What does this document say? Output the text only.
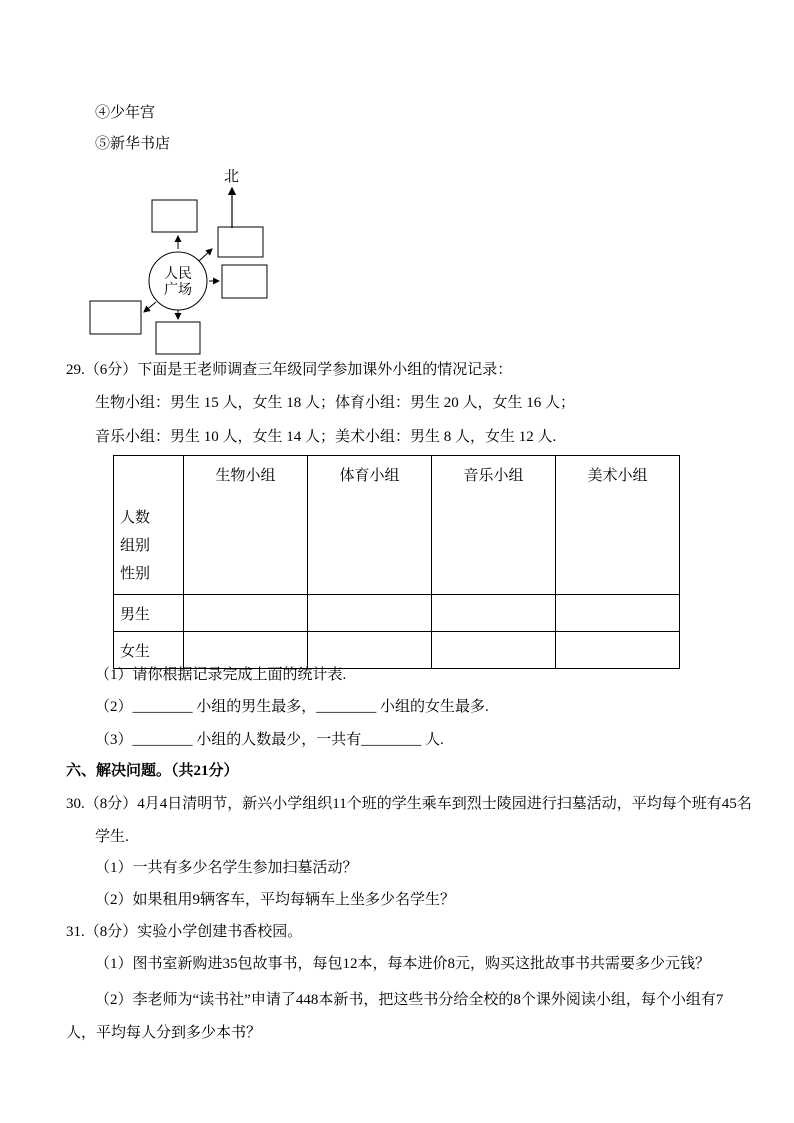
④少年宫
⑤新华书店
北
人民
广场
29.（6分）下面是王老师调查三年级同学参加课外小组的情况记录：
生物小组：男生 15 人，女生 18 人；体育小组：男生 20 人，女生 16 人；
音乐小组：男生 10 人，女生 14 人；美术小组：男生 8 人，女生 12 人.
人数
组别
性别	生物小组	体育小组	音乐小组	美术小组
男生				
女生				
（1）请你根据记录完成上面的统计表.
（2）________ 小组的男生最多，________ 小组的女生最多.
（3）________ 小组的人数最少，一共有________ 人.
六、解决问题。（共21分）
30.（8分）4月4日清明节，新兴小学组织11个班的学生乘车到烈士陵园进行扫墓活动，平均每个班有45名学生.
（1）一共有多少名学生参加扫墓活动？
（2）如果租用9辆客车，平均每辆车上坐多少名学生？
31.（8分）实验小学创建书香校园。
（1）图书室新购进35包故事书，每包12本，每本进价8元，购买这批故事书共需要多少元钱？
（2）李老师为“读书社”申请了448本新书，把这些书分给全校的8个课外阅读小组，每个小组有7人，平均每人分到多少本书？
